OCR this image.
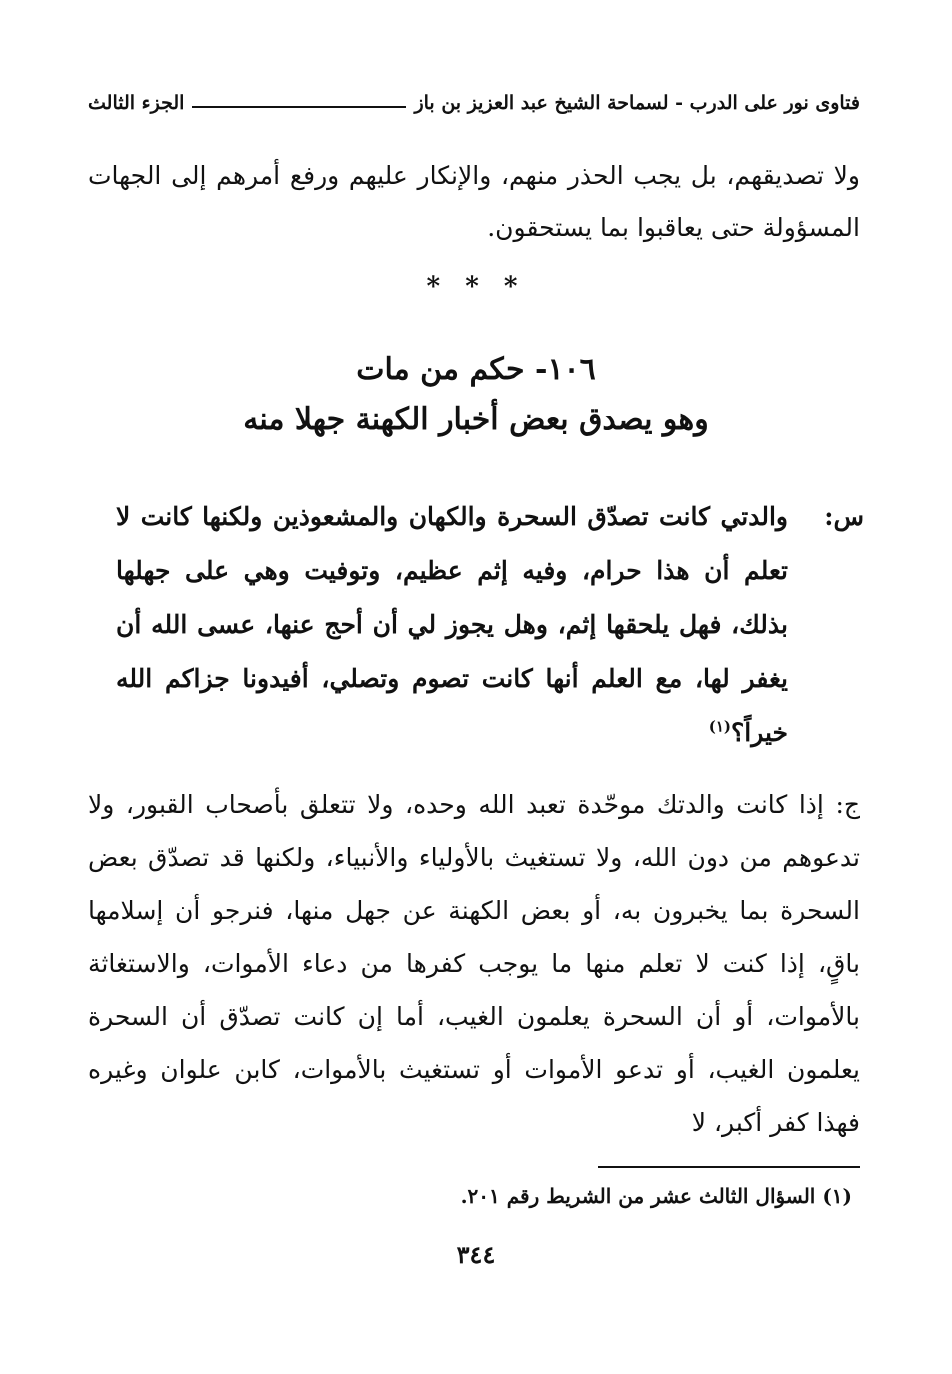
فتاوى نور على الدرب - لسماحة الشيخ عبد العزيز بن باز
الجزء الثالث
ولا تصديقهم، بل يجب الحذر منهم، والإنكار عليهم ورفع أمرهم إلى الجهات المسؤولة حتى يعاقبوا بما يستحقون.
* * *
١٠٦- حكم من مات
وهو يصدق بعض أخبار الكهنة جهلا منه
س:
والدتي كانت تصدّق السحرة والكهان والمشعوذين ولكنها كانت لا تعلم أن هذا حرام، وفيه إثم عظيم، وتوفيت وهي على جهلها بذلك، فهل يلحقها إثم، وهل يجوز لي أن أحج عنها، عسى الله أن يغفر لها، مع العلم أنها كانت تصوم وتصلي، أفيدونا جزاكم الله خيراً؟$^{(١)}$
ج: إذا كانت والدتك موحّدة تعبد الله وحده، ولا تتعلق بأصحاب القبور، ولا تدعوهم من دون الله، ولا تستغيث بالأولياء والأنبياء، ولكنها قد تصدّق بعض السحرة بما يخبرون به، أو بعض الكهنة عن جهل منها، فنرجو أن إسلامها باقٍ، إذا كنت لا تعلم منها ما يوجب كفرها من دعاء الأموات، والاستغاثة بالأموات، أو أن السحرة يعلمون الغيب، أما إن كانت تصدّق أن السحرة يعلمون الغيب، أو تدعو الأموات أو تستغيث بالأموات، كابن علوان وغيره فهذا كفر أكبر، لا
(١) السؤال الثالث عشر من الشريط رقم ٢٠١.
٣٤٤
